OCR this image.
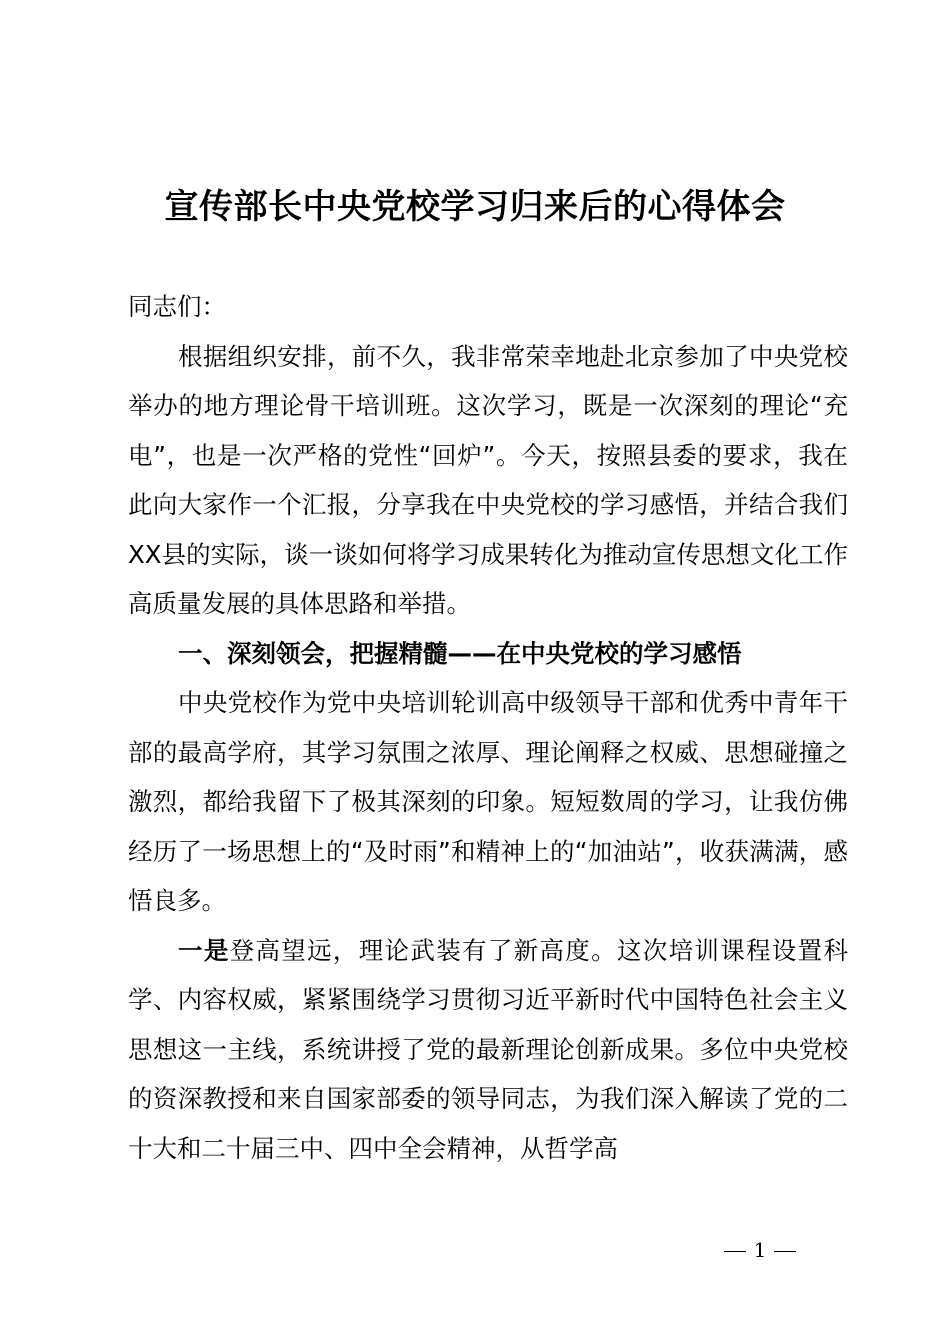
宣传部长中央党校学习归来后的心得体会

同志们：

根据组织安排，前不久，我非常荣幸地赴北京参加了中央党校举办的地方理论骨干培训班。这次学习，既是一次深刻的理论“充电”，也是一次严格的党性“回炉”。今天，按照县委的要求，我在此向大家作一个汇报，分享我在中央党校的学习感悟，并结合我们XX县的实际，谈一谈如何将学习成果转化为推动宣传思想文化工作高质量发展的具体思路和举措。

一、深刻领会，把握精髓——在中央党校的学习感悟

中央党校作为党中央培训轮训高中级领导干部和优秀中青年干部的最高学府，其学习氛围之浓厚、理论阐释之权威、思想碰撞之激烈，都给我留下了极其深刻的印象。短短数周的学习，让我仿佛经历了一场思想上的“及时雨”和精神上的“加油站”，收获满满，感悟良多。

一是登高望远，理论武装有了新高度。这次培训课程设置科学、内容权威，紧紧围绕学习贯彻习近平新时代中国特色社会主义思想这一主线，系统讲授了党的最新理论创新成果。多位中央党校的资深教授和来自国家部委的领导同志，为我们深入解读了党的二十大和二十届三中、四中全会精神，从哲学高

1
